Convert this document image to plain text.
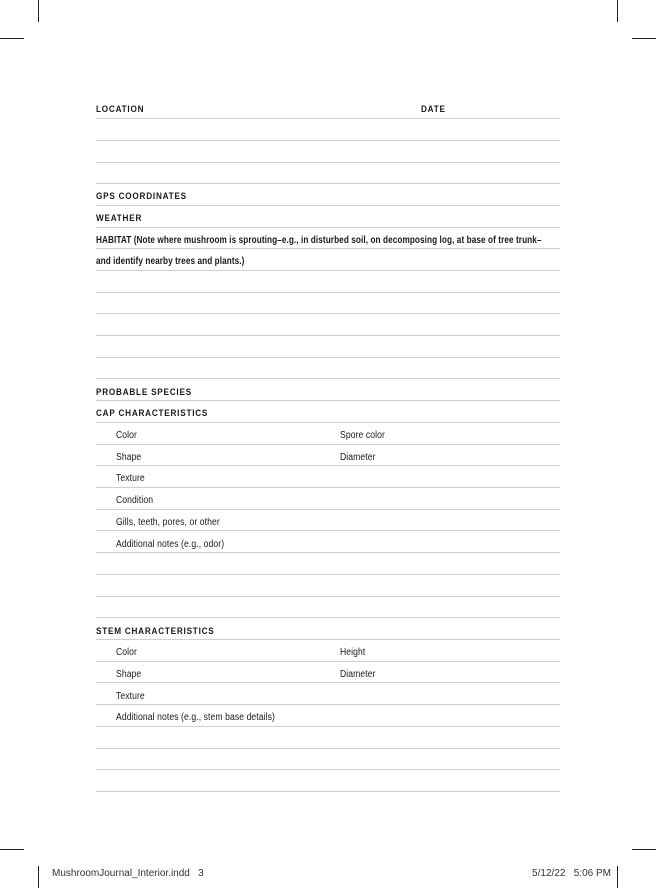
LOCATION	DATE
GPS COORDINATES
WEATHER
HABITAT (Note where mushroom is sprouting–e.g., in disturbed soil, on decomposing log, at base of tree trunk–
and identify nearby trees and plants.)
PROBABLE SPECIES
CAP CHARACTERISTICS
Color	Spore color
Shape	Diameter
Texture
Condition
Gills, teeth, pores, or other
Additional notes (e.g., odor)
STEM CHARACTERISTICS
Color	Height
Shape	Diameter
Texture
Additional notes (e.g., stem base details)
MushroomJournal_Interior.indd   3	5/12/22   5:06 PM
